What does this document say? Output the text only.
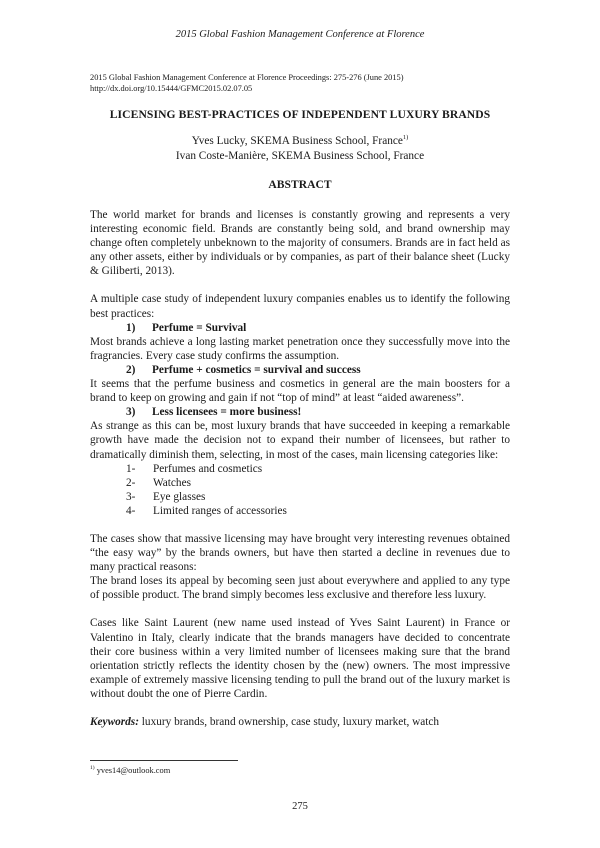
2015 Global Fashion Management Conference at Florence
2015 Global Fashion Management Conference at Florence Proceedings: 275-276 (June 2015)
http://dx.doi.org/10.15444/GFMC2015.02.07.05
LICENSING BEST-PRACTICES OF INDEPENDENT LUXURY BRANDS
Yves Lucky, SKEMA Business School, France$^{1)}$
Ivan Coste-Manière, SKEMA Business School, France
ABSTRACT

The world market for brands and licenses is constantly growing and represents a very interesting economic field. Brands are constantly being sold, and brand ownership may change often completely unbeknown to the majority of consumers. Brands are in fact held as any other assets, either by individuals or by companies, as part of their balance sheet (Lucky & Giliberti, 2013).

A multiple case study of independent luxury companies enables us to identify the following best practices:

1) Perfume = Survival

Most brands achieve a long lasting market penetration once they successfully move into the fragrancies. Every case study confirms the assumption.

2) Perfume + cosmetics = survival and success

It seems that the perfume business and cosmetics in general are the main boosters for a brand to keep on growing and gain if not “top of mind” at least “aided awareness”.

3) Less licensees = more business!

As strange as this can be, most luxury brands that have succeeded in keeping a remarkable growth have made the decision not to expand their number of licensees, but rather to dramatically diminish them, selecting, in most of the cases, main licensing categories like:

1- Perfumes and cosmetics

2- Watches

3- Eye glasses

4- Limited ranges of accessories

The cases show that massive licensing may have brought very interesting revenues obtained “the easy way” by the brands owners, but have then started a decline in revenues due to many practical reasons:

The brand loses its appeal by becoming seen just about everywhere and applied to any type of possible product. The brand simply becomes less exclusive and therefore less luxury.

Cases like Saint Laurent (new name used instead of Yves Saint Laurent) in France or Valentino in Italy, clearly indicate that the brands managers have decided to concentrate their core business within a very limited number of licensees making sure that the brand orientation strictly reflects the identity chosen by the (new) owners. The most impressive example of extremely massive licensing tending to pull the brand out of the luxury market is without doubt the one of Pierre Cardin.

Keywords: luxury brands, brand ownership, case study, luxury market, watch

$^{1)}$ yves14@outlook.com
275
